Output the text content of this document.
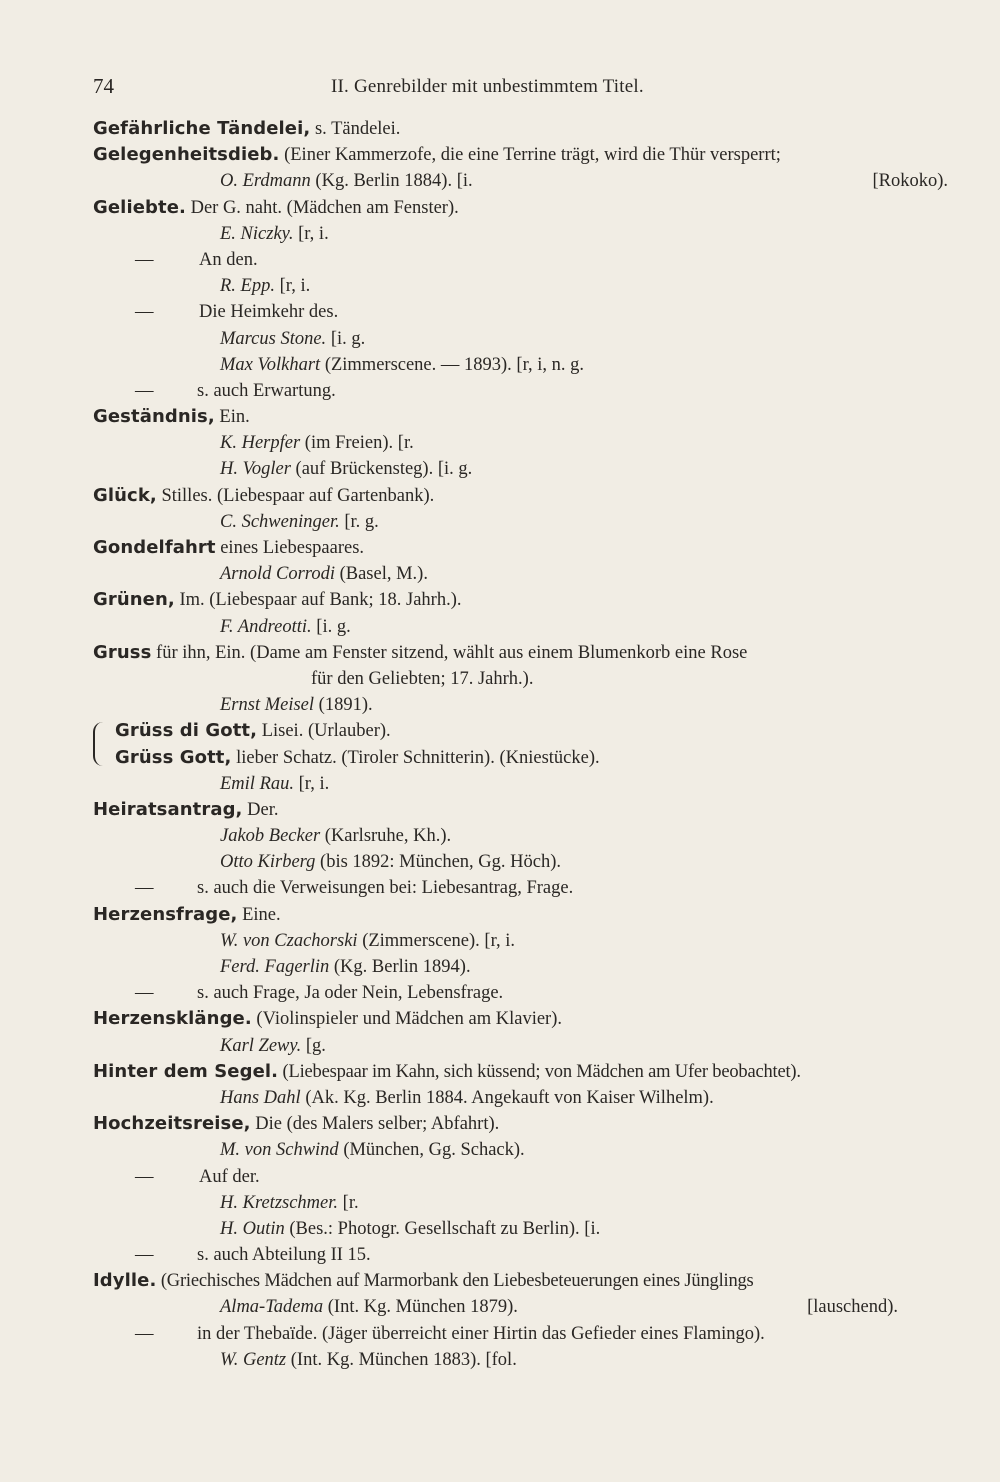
74	II. Genrebilder mit unbestimmtem Titel.
Gefährliche Tändelei, s. Tändelei.
Gelegenheitsdieb. (Einer Kammerzofe, die eine Terrine trägt, wird die Thür versperrt;
O. Erdmann (Kg. Berlin 1884). [i.	[Rokoko).
Geliebte. Der G. naht. (Mädchen am Fenster).
E. Niczky. [r, i.
— An den.
R. Epp. [r, i.
— Die Heimkehr des.
Marcus Stone. [i. g.
Max Volkhart (Zimmerscene. — 1893). [r, i, n. g.
— s. auch Erwartung.
Geständnis, Ein.
K. Herpfer (im Freien). [r.
H. Vogler (auf Brückensteg). [i. g.
Glück, Stilles. (Liebespaar auf Gartenbank).
C. Schweninger. [r. g.
Gondelfahrt eines Liebespaares.
Arnold Corrodi (Basel, M.).
Grünen, Im. (Liebespaar auf Bank; 18. Jahrh.).
F. Andreotti. [i. g.
Gruss für ihn, Ein. (Dame am Fenster sitzend, wählt aus einem Blumenkorb eine Rose
für den Geliebten; 17. Jahrh.).
Ernst Meisel (1891).
Grüss di Gott, Lisei. (Urlauber).
Grüss Gott, lieber Schatz. (Tiroler Schnitterin). (Kniestücke).
Emil Rau. [r, i.
Heiratsantrag, Der.
Jakob Becker (Karlsruhe, Kh.).
Otto Kirberg (bis 1892: München, Gg. Höch).
— s. auch die Verweisungen bei: Liebesantrag, Frage.
Herzensfrage, Eine.
W. von Czachorski (Zimmerscene). [r, i.
Ferd. Fagerlin (Kg. Berlin 1894).
— s. auch Frage, Ja oder Nein, Lebensfrage.
Herzensklänge. (Violinspieler und Mädchen am Klavier).
Karl Zewy. [g.
Hinter dem Segel. (Liebespaar im Kahn, sich küssend; von Mädchen am Ufer beobachtet).
Hans Dahl (Ak. Kg. Berlin 1884. Angekauft von Kaiser Wilhelm).
Hochzeitsreise, Die (des Malers selber; Abfahrt).
M. von Schwind (München, Gg. Schack).
— Auf der.
H. Kretzschmer. [r.
H. Outin (Bes.: Photogr. Gesellschaft zu Berlin). [i.
— s. auch Abteilung II 15.
Idylle. (Griechisches Mädchen auf Marmorbank den Liebesbeteuerungen eines Jünglings
Alma-Tadema (Int. Kg. München 1879).	[lauschend).
— in der Thebaïde. (Jäger überreicht einer Hirtin das Gefieder eines Flamingo).
W. Gentz (Int. Kg. München 1883). [fol.
